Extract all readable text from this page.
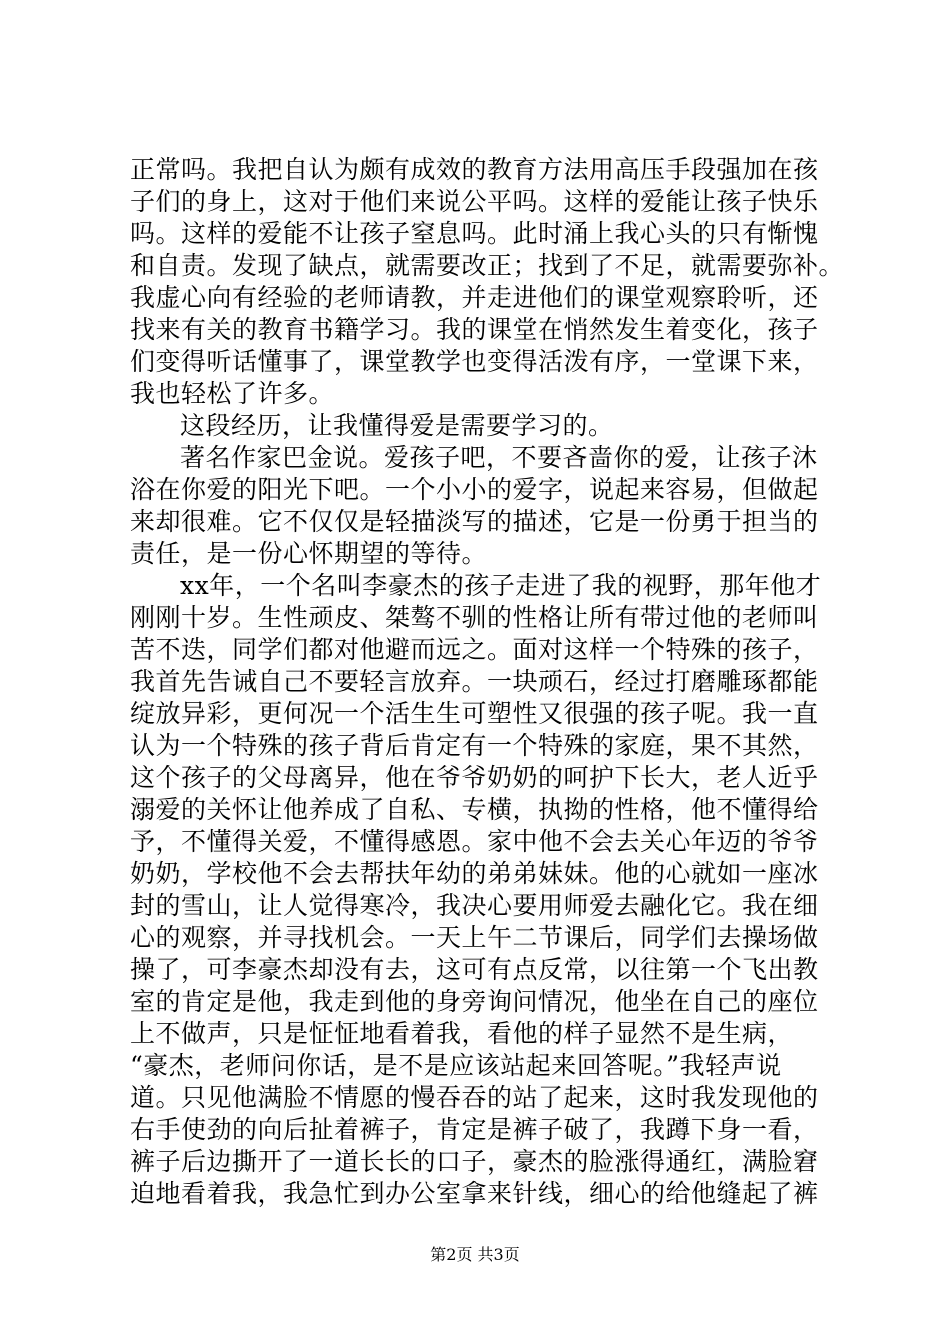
正常吗。我把自认为颇有成效的教育方法用高压手段强加在孩
子们的身上，这对于他们来说公平吗。这样的爱能让孩子快乐
吗。这样的爱能不让孩子窒息吗。此时涌上我心头的只有惭愧
和自责。发现了缺点，就需要改正；找到了不足，就需要弥补。
我虚心向有经验的老师请教，并走进他们的课堂观察聆听，还
找来有关的教育书籍学习。我的课堂在悄然发生着变化，孩子
们变得听话懂事了，课堂教学也变得活泼有序，一堂课下来，
我也轻松了许多。
这段经历，让我懂得爱是需要学习的。
著名作家巴金说。爱孩子吧，不要吝啬你的爱，让孩子沐
浴在你爱的阳光下吧。一个小小的爱字，说起来容易，但做起
来却很难。它不仅仅是轻描淡写的描述，它是一份勇于担当的
责任，是一份心怀期望的等待。
xx年，一个名叫李豪杰的孩子走进了我的视野，那年他才
刚刚十岁。生性顽皮、桀骜不驯的性格让所有带过他的老师叫
苦不迭，同学们都对他避而远之。面对这样一个特殊的孩子，
我首先告诫自己不要轻言放弃。一块顽石，经过打磨雕琢都能
绽放异彩，更何况一个活生生可塑性又很强的孩子呢。我一直
认为一个特殊的孩子背后肯定有一个特殊的家庭，果不其然，
这个孩子的父母离异，他在爷爷奶奶的呵护下长大，老人近乎
溺爱的关怀让他养成了自私、专横，执拗的性格，他不懂得给
予，不懂得关爱，不懂得感恩。家中他不会去关心年迈的爷爷
奶奶，学校他不会去帮扶年幼的弟弟妹妹。他的心就如一座冰
封的雪山，让人觉得寒冷，我决心要用师爱去融化它。我在细
心的观察，并寻找机会。一天上午二节课后，同学们去操场做
操了，可李豪杰却没有去，这可有点反常，以往第一个飞出教
室的肯定是他，我走到他的身旁询问情况，他坐在自己的座位
上不做声，只是怔怔地看着我，看他的样子显然不是生病，
“豪杰，老师问你话，是不是应该站起来回答呢。”我轻声说
道。只见他满脸不情愿的慢吞吞的站了起来，这时我发现他的
右手使劲的向后扯着裤子，肯定是裤子破了，我蹲下身一看，
裤子后边撕开了一道长长的口子，豪杰的脸涨得通红，满脸窘
迫地看着我，我急忙到办公室拿来针线，细心的给他缝起了裤
第2页 共3页
